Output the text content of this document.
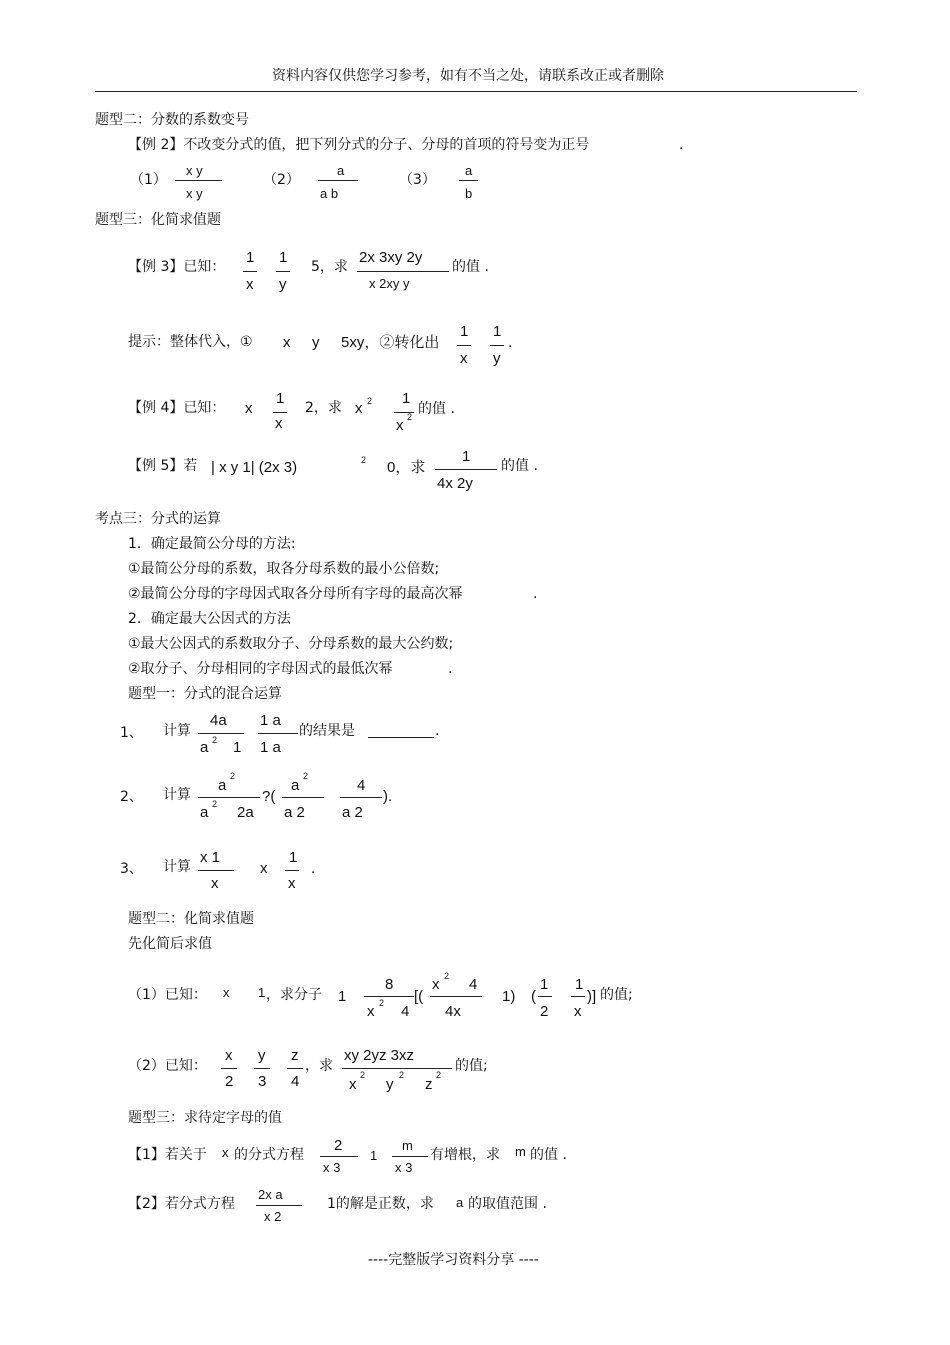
资料内容仅供您学习参考，如有不当之处，请联系改正或者删除
题型二：分数的系数变号
【例 2】不改变分式的值，把下列分式的分子、分母的首项的符号变为正号	.
（1）
x y
x y
（2）
a
a b
（3）
a
b
题型三：化简求值题
【例 3】已知：
1
x
1
y
5，求
2x 3xy 2y
x 2xy y
的值 .
提示：整体代入，① x y 5xy，②转化出
1
x
1
y
.
【例 4】已知： x
1
x
2，求 x 2 1
x 2 的值 .
【例 5】若 | x y 1| (2x 3)	2 0，求
1
4x 2y
的值 .
考点三：分式的运算
1．确定最简公分母的方法:
①最简公分母的系数，取各分母系数的最小公倍数;
②最简公分母的字母因式取各分母所有字母的最高次幂	.
2．确定最大公因式的方法
①最大公因式的系数取分子、分母系数的最大公约数;
②取分子、分母相同的字母因式的最低次幂	.
题型一：分式的混合运算
1、 计算
4a
a 2 1
1 a
1 a
的结果是	.
2、 计算
a
2
a 2 2a
?(
a
2
a 2
4
a 2
).
3、 计算
x 1
x
x
1
x
.
题型二：化简求值题
先化简后求值
（1）已知： x 1 ，求分子 1
8
x 2 4
[(
x 2 4
4x
1) (
1
2
1
x
)] 的值;
（2）已知：
x
2
y
3
z
4
，求
xy 2yz 3xz
x
2
y
2
z
2
的值;
题型三：求待定字母的值
【1】若关于 x 的分式方程
2
x 3
1
m
x 3
有增根，求 m 的值 .
【2】若分式方程
2x a
x 2
1的解是正数，求 a 的取值范围 .
----完整版学习资料分享 ----
